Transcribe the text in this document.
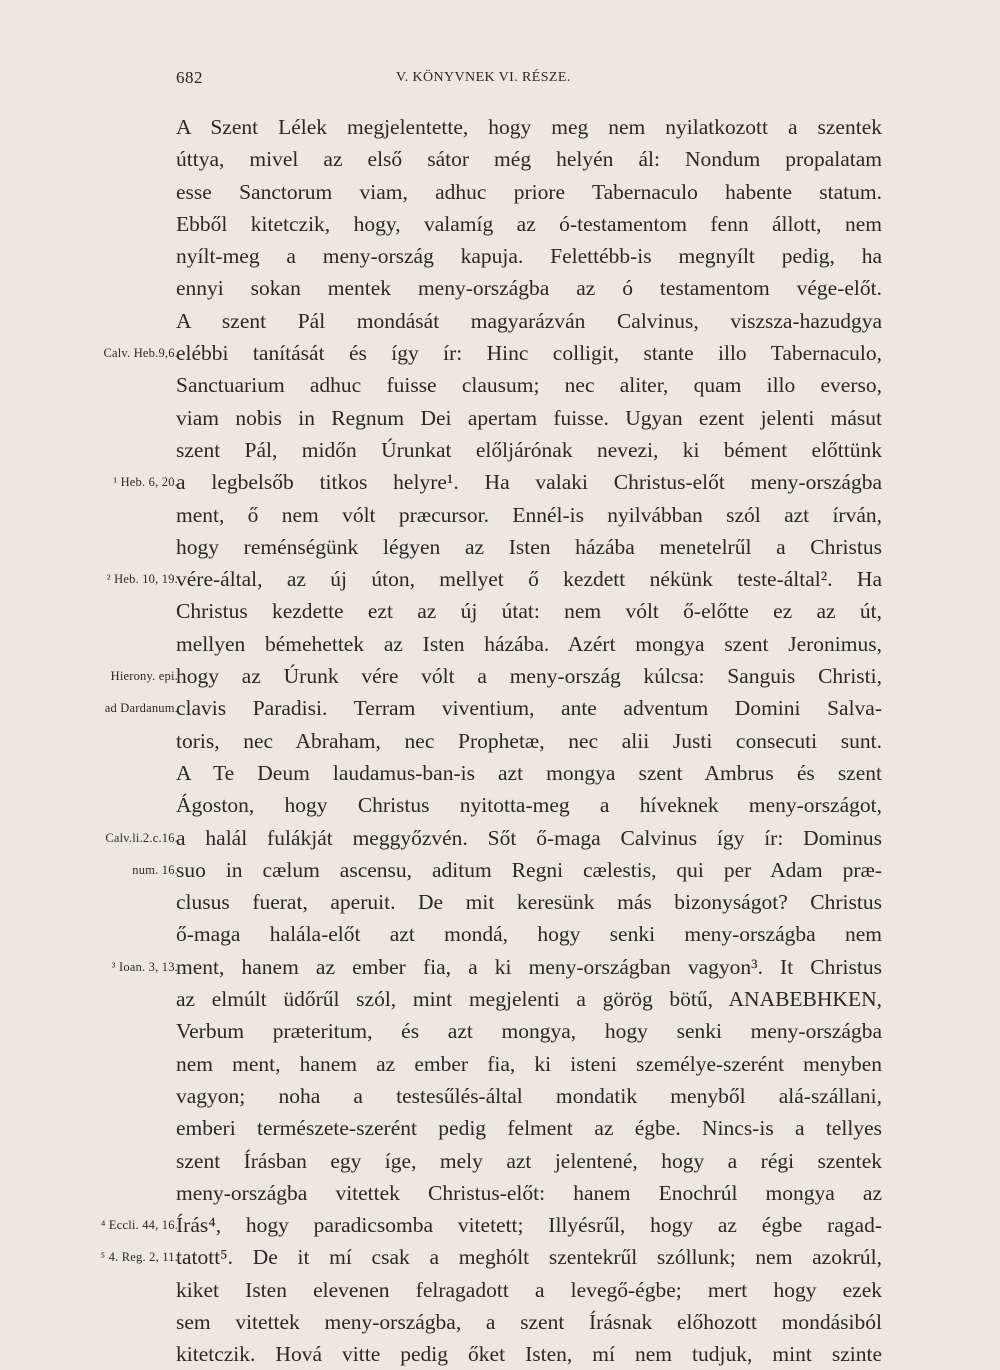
682	V. KÖNYVNEK VI. RÉSZE.
A Szent Lélek megjelentette, hogy meg nem nyilatkozott a szentek
úttya, mivel az első sátor még helyén ál: Nondum propalatam
esse Sanctorum viam, adhuc priore Tabernaculo habente statum.
Ebből kitetczik, hogy, valamíg az ó-testamentom fenn állott, nem
nyílt-meg a meny-ország kapuja. Felettébb-is megnyílt pedig, ha
ennyi sokan mentek meny-országba az ó testamentom vége-előt.
A szent Pál mondását magyarázván Calvinus, viszsza-hazudgya
Calv. Heb.9,6.
elébbi tanítását és így ír: Hinc colligit, stante illo Tabernaculo,
Sanctuarium adhuc fuisse clausum; nec aliter, quam illo everso,
viam nobis in Regnum Dei apertam fuisse. Ugyan ezent jelenti másut
szent Pál, midőn Úrunkat előljárónak nevezi, ki bément előttünk
¹ Heb. 6, 20.
a legbelsőb titkos helyre¹. Ha valaki Christus-előt meny-országba
ment, ő nem vólt præcursor. Ennél-is nyilvábban szól azt írván,
hogy reménségünk légyen az Isten házába menetelrűl a Christus
² Heb. 10, 19.
vére-által, az új úton, mellyet ő kezdett nékünk teste-által². Ha
Christus kezdette ezt az új útat: nem vólt ő-előtte ez az út,
mellyen bémehettek az Isten házába. Azért mongya szent Jeronimus,
Hierony. epi.
hogy az Úrunk vére vólt a meny-ország kúlcsa: Sanguis Christi,
ad Dardanum.
clavis Paradisi. Terram viventium, ante adventum Domini Salva-
toris, nec Abraham, nec Prophetæ, nec alii Justi consecuti sunt.
A Te Deum laudamus-ban-is azt mongya szent Ambrus és szent
Ágoston, hogy Christus nyitotta-meg a híveknek meny-országot,
Calv.li.2.c.16.
a halál fulákját meggyőzvén. Sőt ő-maga Calvinus így ír: Dominus
num. 16.
suo in cælum ascensu, aditum Regni cælestis, qui per Adam præ-
clusus fuerat, aperuit. De mit keresünk más bizonyságot? Christus
ő-maga halála-előt azt mondá, hogy senki meny-országba nem
³ Ioan. 3, 13.
ment, hanem az ember fia, a ki meny-országban vagyon³. It Christus
az elmúlt üdőrűl szól, mint megjelenti a görög bötű, ANABEBHKEN,
Verbum præteritum, és azt mongya, hogy senki meny-országba
nem ment, hanem az ember fia, ki isteni személye-szerént menyben
vagyon; noha a testesűlés-által mondatik menyből alá-szállani,
emberi természete-szerént pedig felment az égbe. Nincs-is a tellyes
szent Írásban egy íge, mely azt jelentené, hogy a régi szentek
meny-országba vitettek Christus-előt: hanem Enochrúl mongya az
⁴ Eccli. 44, 16.
Írás⁴, hogy paradicsomba vitetett; Illyésrűl, hogy az égbe ragad-
⁵ 4. Reg. 2, 11.
tatott⁵. De it mí csak a meghólt szentekrűl szóllunk; nem azokrúl,
kiket Isten elevenen felragadott a levegő-égbe; mert hogy ezek
sem vitettek meny-országba, a szent Írásnak előhozott mondásiból
kitetczik. Hová vitte pedig őket Isten, mí nem tudjuk, mint szinte
